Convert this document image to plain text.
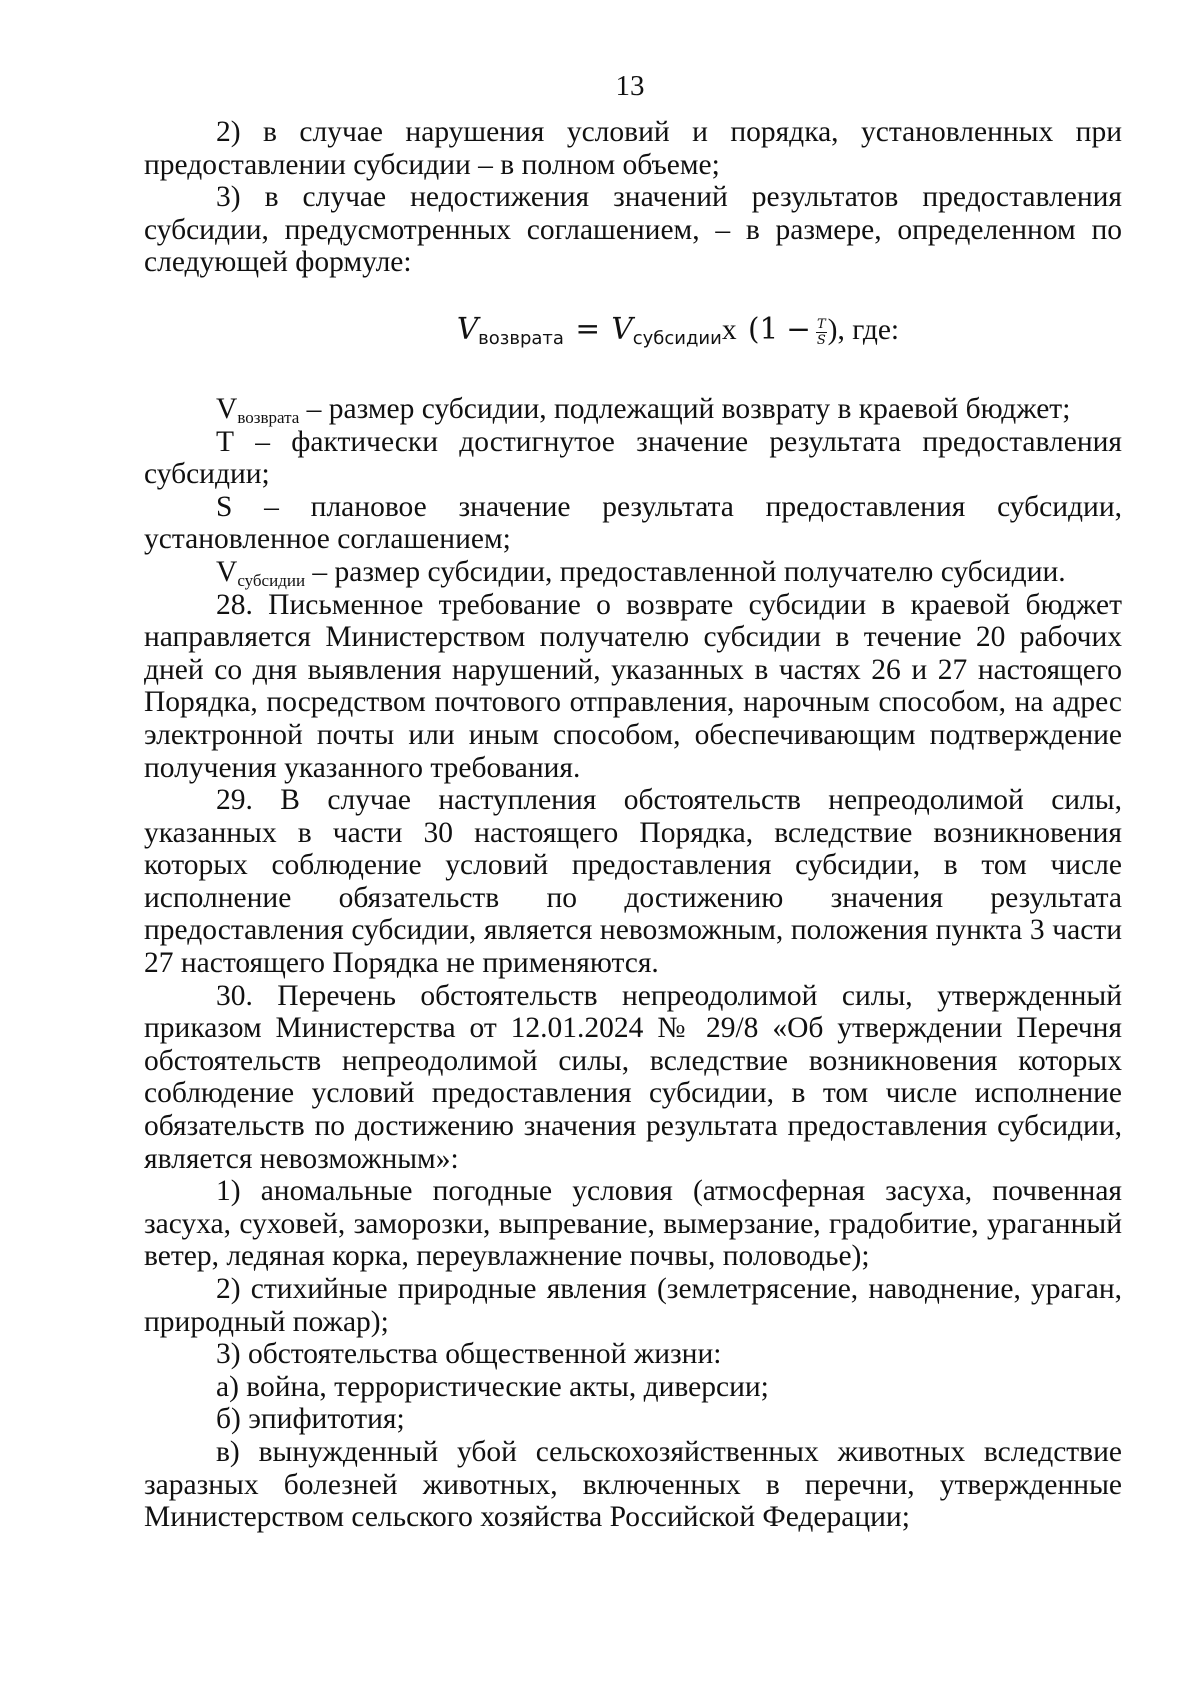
13

2) в случае нарушения условий и порядка, установленных при предоставлении субсидии – в полном объеме;

3) в случае недостижения значений результатов предоставления субсидии, предусмотренных соглашением, – в размере, определенном по следующей формуле:

$V_{возврата} = V_{субсидии}x$ ($1 - \frac{T}{S}$ ), где:

$V_{возврата}$ – размер субсидии, подлежащий возврату в краевой бюджет;

Т – фактически достигнутое значение результата предоставления субсидии;

S – плановое значение результата предоставления субсидии, установленное соглашением;

$V_{субсидии}$ – размер субсидии, предоставленной получателю субсидии.

28. Письменное требование о возврате субсидии в краевой бюджет направляется Министерством получателю субсидии в течение 20 рабочих дней со дня выявления нарушений, указанных в частях 26 и 27 настоящего Порядка, посредством почтового отправления, нарочным способом, на адрес электронной почты или иным способом, обеспечивающим подтверждение получения указанного требования.

29. В случае наступления обстоятельств непреодолимой силы, указанных в части 30 настоящего Порядка, вследствие возникновения которых соблюдение условий предоставления субсидии, в том числе исполнение обязательств по достижению значения результата предоставления субсидии, является невозможным, положения пункта 3 части 27 настоящего Порядка не применяются.

30. Перечень обстоятельств непреодолимой силы, утвержденный приказом Министерства от 12.01.2024 № 29/8 «Об утверждении Перечня обстоятельств непреодолимой силы, вследствие возникновения которых соблюдение условий предоставления субсидии, в том числе исполнение обязательств по достижению значения результата предоставления субсидии, является невозможным»:

1) аномальные погодные условия (атмосферная засуха, почвенная засуха, суховей, заморозки, выпревание, вымерзание, градобитие, ураганный ветер, ледяная корка, переувлажнение почвы, половодье);

2) стихийные природные явления (землетрясение, наводнение, ураган, природный пожар);

3) обстоятельства общественной жизни:

а) война, террористические акты, диверсии;

б) эпифитотия;

в) вынужденный убой сельскохозяйственных животных вследствие заразных болезней животных, включенных в перечни, утвержденные Министерством сельского хозяйства Российской Федерации;
